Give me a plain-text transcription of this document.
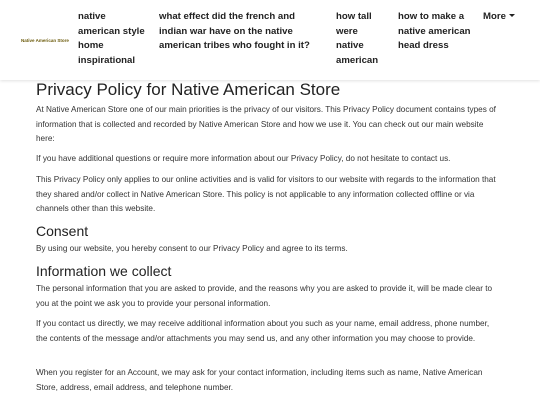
Native American Store
native american style home inspirational
what effect did the french and indian war have on the native american tribes who fought in it?
how tall were native american
how to make a native american head dress
More
Privacy Policy for Native American Store

At Native American Store one of our main priorities is the privacy of our visitors. This Privacy Policy document contains types of information that is collected and recorded by Native American Store and how we use it. You can check out our main website here:

If you have additional questions or require more information about our Privacy Policy, do not hesitate to contact us.

This Privacy Policy only applies to our online activities and is valid for visitors to our website with regards to the information that they shared and/or collect in Native American Store. This policy is not applicable to any information collected offline or via channels other than this website.

Consent

By using our website, you hereby consent to our Privacy Policy and agree to its terms.

Information we collect

The personal information that you are asked to provide, and the reasons why you are asked to provide it, will be made clear to you at the point we ask you to provide your personal information.

If you contact us directly, we may receive additional information about you such as your name, email address, phone number, the contents of the message and/or attachments you may send us, and any other information you may choose to provide.

When you register for an Account, we may ask for your contact information, including items such as name, Native American Store, address, email address, and telephone number.
